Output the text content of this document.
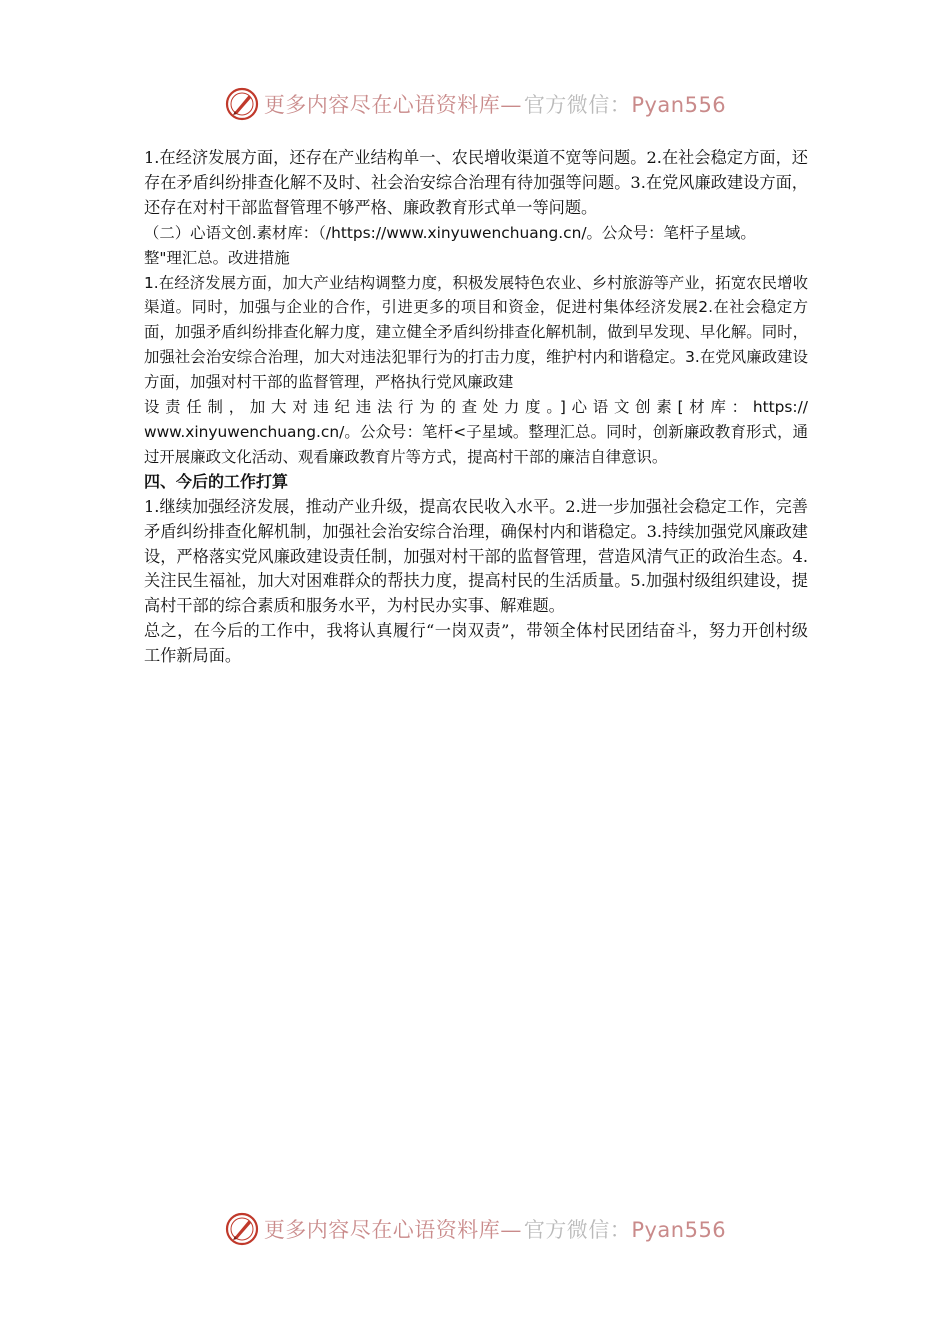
更多内容尽在心语资料库—官方微信：Pyan556

1.在经济发展方面，还存在产业结构单一、农民增收渠道不宽等问题。2.在社会稳定方面，还存在矛盾纠纷排查化解不及时、社会治安综合治理有待加强等问题。3.在党风廉政建设方面，还存在对村干部监督管理不够严格、廉政教育形式单一等问题。

（二）心语文创.素材库：（/https://www.xinyuwenchuang.cn/。公众号：笔杆子星域。

整"理汇总。改进措施

1.在经济发展方面，加大产业结构调整力度，积极发展特色农业、乡村旅游等产业，拓宽农民增收渠道。同时，加强与企业的合作，引进更多的项目和资金，促进村集体经济发展2.在社会稳定方面，加强矛盾纠纷排查化解力度，建立健全矛盾纠纷排查化解机制，做到早发现、早化解。同时，加强社会治安综合治理，加大对违法犯罪行为的打击力度，维护村内和谐稳定。3.在党风廉政建设方面，加强对村干部的监督管理，严格执行党风廉政建
设责任制，加大对违纪违法行为的查处力度。]心语文创素[材库：https://
www.xinyuwenchuang.cn/。公众号：笔杆<子星域。整理汇总。同时，创新廉政教育形式，通过开展廉政文化活动、观看廉政教育片等方式，提高村干部的廉洁自律意识。

四、今后的工作打算

1.继续加强经济发展，推动产业升级，提高农民收入水平。2.进一步加强社会稳定工作，完善矛盾纠纷排查化解机制，加强社会治安综合治理，确保村内和谐稳定。3.持续加强党风廉政建设，严格落实党风廉政建设责任制，加强对村干部的监督管理，营造风清气正的政治生态。4.关注民生福祉，加大对困难群众的帮扶力度，提高村民的生活质量。5.加强村级组织建设，提高村干部的综合素质和服务水平，为村民办实事、解难题。

总之，在今后的工作中，我将认真履行“一岗双责”，带领全体村民团结奋斗，努力开创村级工作新局面。

更多内容尽在心语资料库—官方微信：Pyan556
